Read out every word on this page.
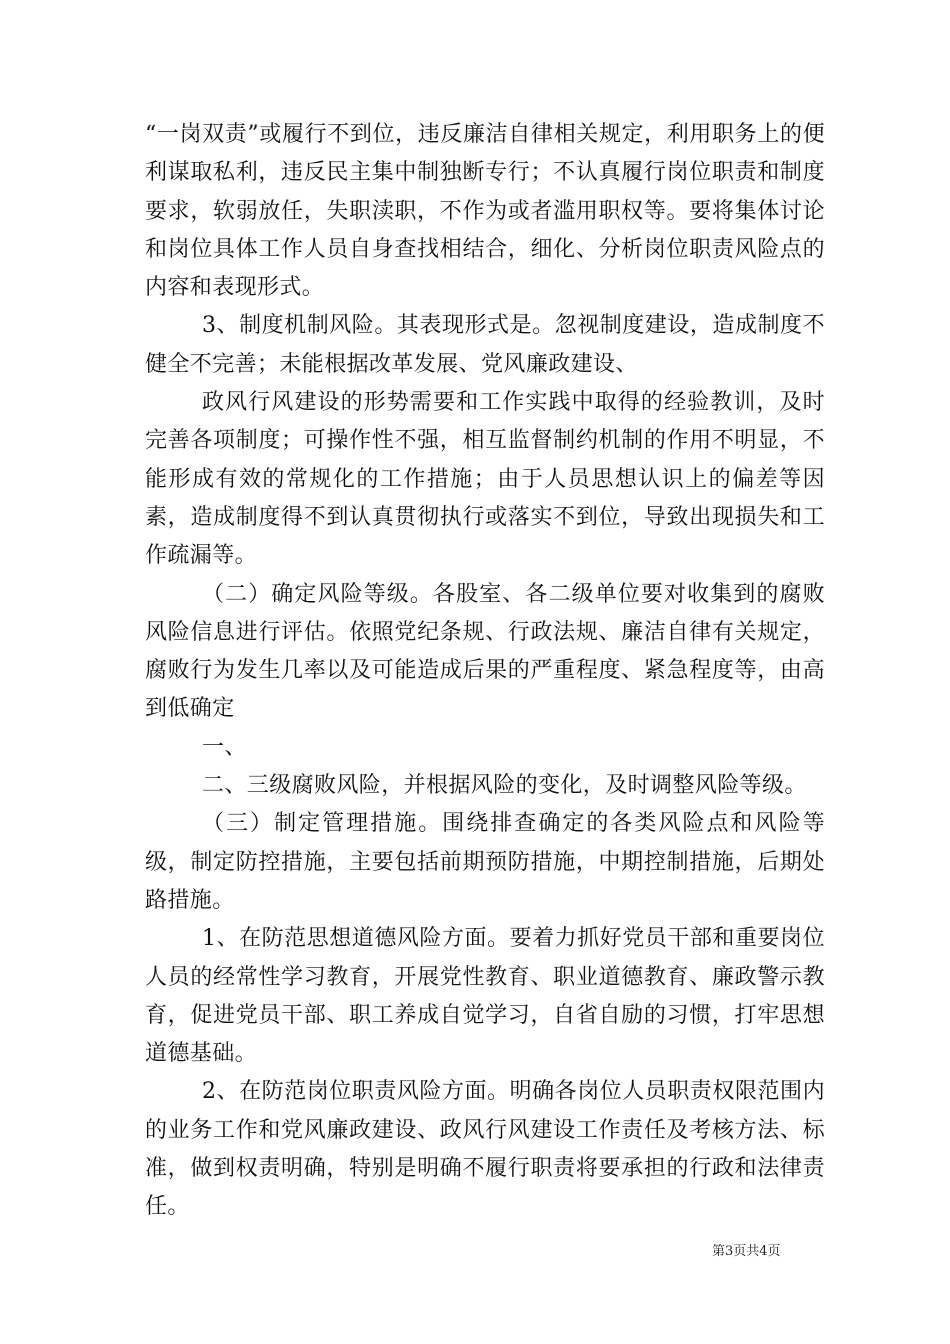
“一岗双责”或履行不到位，违反廉洁自律相关规定，利用职务上的便利谋取私利，违反民主集中制独断专行；不认真履行岗位职责和制度要求，软弱放任，失职渎职，不作为或者滥用职权等。要将集体讨论和岗位具体工作人员自身查找相结合，细化、分析岗位职责风险点的内容和表现形式。

3、制度机制风险。其表现形式是。忽视制度建设，造成制度不健全不完善；未能根据改革发展、党风廉政建设、

政风行风建设的形势需要和工作实践中取得的经验教训，及时完善各项制度；可操作性不强，相互监督制约机制的作用不明显，不能形成有效的常规化的工作措施；由于人员思想认识上的偏差等因素，造成制度得不到认真贯彻执行或落实不到位，导致出现损失和工作疏漏等。

（二）确定风险等级。各股室、各二级单位要对收集到的腐败风险信息进行评估。依照党纪条规、行政法规、廉洁自律有关规定，腐败行为发生几率以及可能造成后果的严重程度、紧急程度等，由高到低确定

一、

二、三级腐败风险，并根据风险的变化，及时调整风险等级。

（三）制定管理措施。围绕排查确定的各类风险点和风险等级，制定防控措施，主要包括前期预防措施，中期控制措施，后期处路措施。

1、在防范思想道德风险方面。要着力抓好党员干部和重要岗位人员的经常性学习教育，开展党性教育、职业道德教育、廉政警示教育，促进党员干部、职工养成自觉学习，自省自励的习惯，打牢思想道德基础。

2、在防范岗位职责风险方面。明确各岗位人员职责权限范围内的业务工作和党风廉政建设、政风行风建设工作责任及考核方法、标准，做到权责明确，特别是明确不履行职责将要承担的行政和法律责任。

第3页共4页
